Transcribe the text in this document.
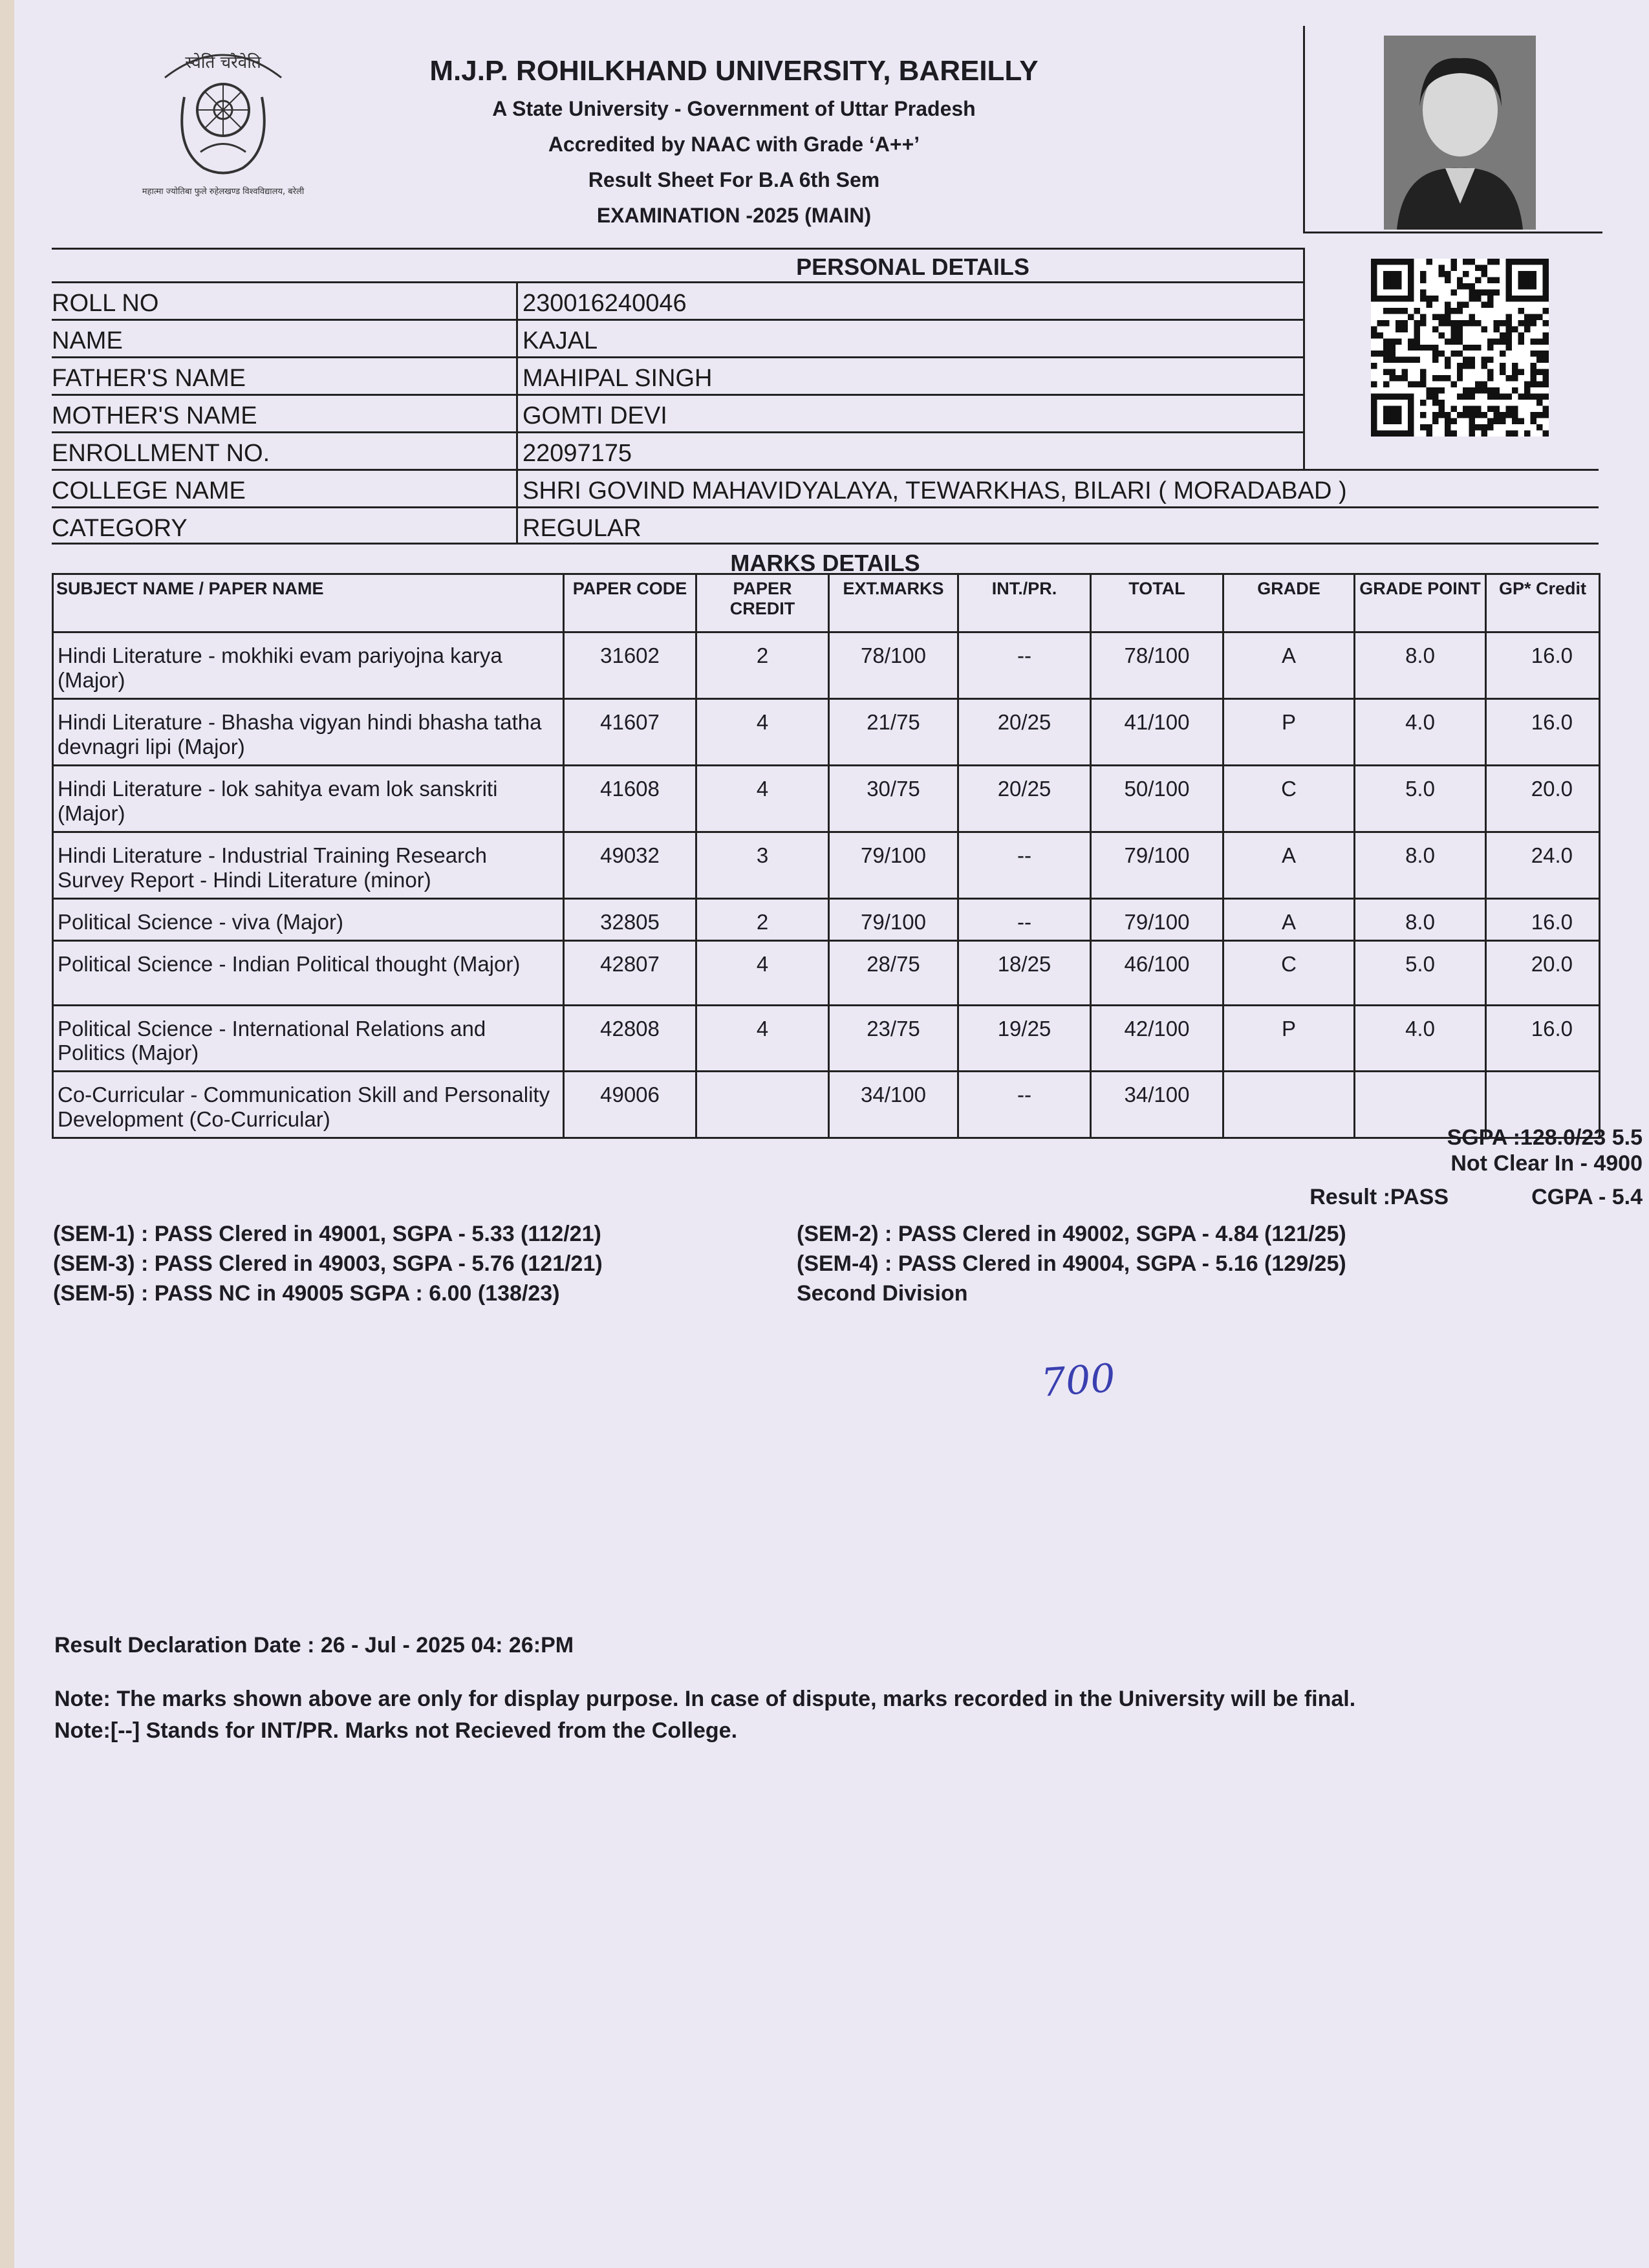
स्वेति चरैवेति
महात्मा ज्योतिबा फुले रुहेलखण्ड विश्वविद्यालय, बरेली
M.J.P. ROHILKHAND UNIVERSITY, BAREILLY
A State University - Government of Uttar Pradesh
Accredited by NAAC with Grade ‘A++’
Result Sheet For B.A 6th Sem
EXAMINATION -2025 (MAIN)
PERSONAL DETAILS
ROLL NO	230016240046
NAME	KAJAL
FATHER'S NAME	MAHIPAL SINGH
MOTHER'S NAME	GOMTI DEVI
ENROLLMENT NO.	22097175
COLLEGE NAME	SHRI GOVIND MAHAVIDYALAYA, TEWARKHAS, BILARI ( MORADABAD )
CATEGORY	REGULAR
MARKS DETAILS
SUBJECT NAME / PAPER NAME	PAPER CODE	PAPER CREDIT	EXT.MARKS	INT./PR.	TOTAL	GRADE	GRADE POINT	GP* Credit
Hindi Literature - mokhiki evam pariyojna karya (Major)	31602	2	78/100	--	78/100	A	8.0	16.0
Hindi Literature - Bhasha vigyan hindi bhasha tatha devnagri lipi (Major)	41607	4	21/75	20/25	41/100	P	4.0	16.0
Hindi Literature - lok sahitya evam lok sanskriti (Major)	41608	4	30/75	20/25	50/100	C	5.0	20.0
Hindi Literature - Industrial Training Research Survey Report - Hindi Literature (minor)	49032	3	79/100	--	79/100	A	8.0	24.0
Political Science - viva (Major)	32805	2	79/100	--	79/100	A	8.0	16.0
Political Science - Indian Political thought (Major)	42807	4	28/75	18/25	46/100	C	5.0	20.0
Political Science - International Relations and Politics (Major)	42808	4	23/75	19/25	42/100	P	4.0	16.0
Co-Curricular - Communication Skill and Personality Development (Co-Curricular)	49006		34/100	--	34/100			
SGPA :128.0/23 5.5
Not Clear In - 4900
Result :PASS	CGPA - 5.4
(SEM-1) : PASS Clered in 49001, SGPA - 5.33 (112/21)
(SEM-3) : PASS Clered in 49003, SGPA - 5.76 (121/21)
(SEM-5) : PASS NC in 49005 SGPA : 6.00 (138/23)
(SEM-2) : PASS Clered in 49002, SGPA - 4.84 (121/25)
(SEM-4) : PASS Clered in 49004, SGPA - 5.16 (129/25)
Second Division
700
Result Declaration Date : 26 - Jul - 2025 04: 26:PM
Note: The marks shown above are only for display purpose. In case of dispute, marks recorded in the University will be final.
Note:[--] Stands for INT/PR. Marks not Recieved from the College.
